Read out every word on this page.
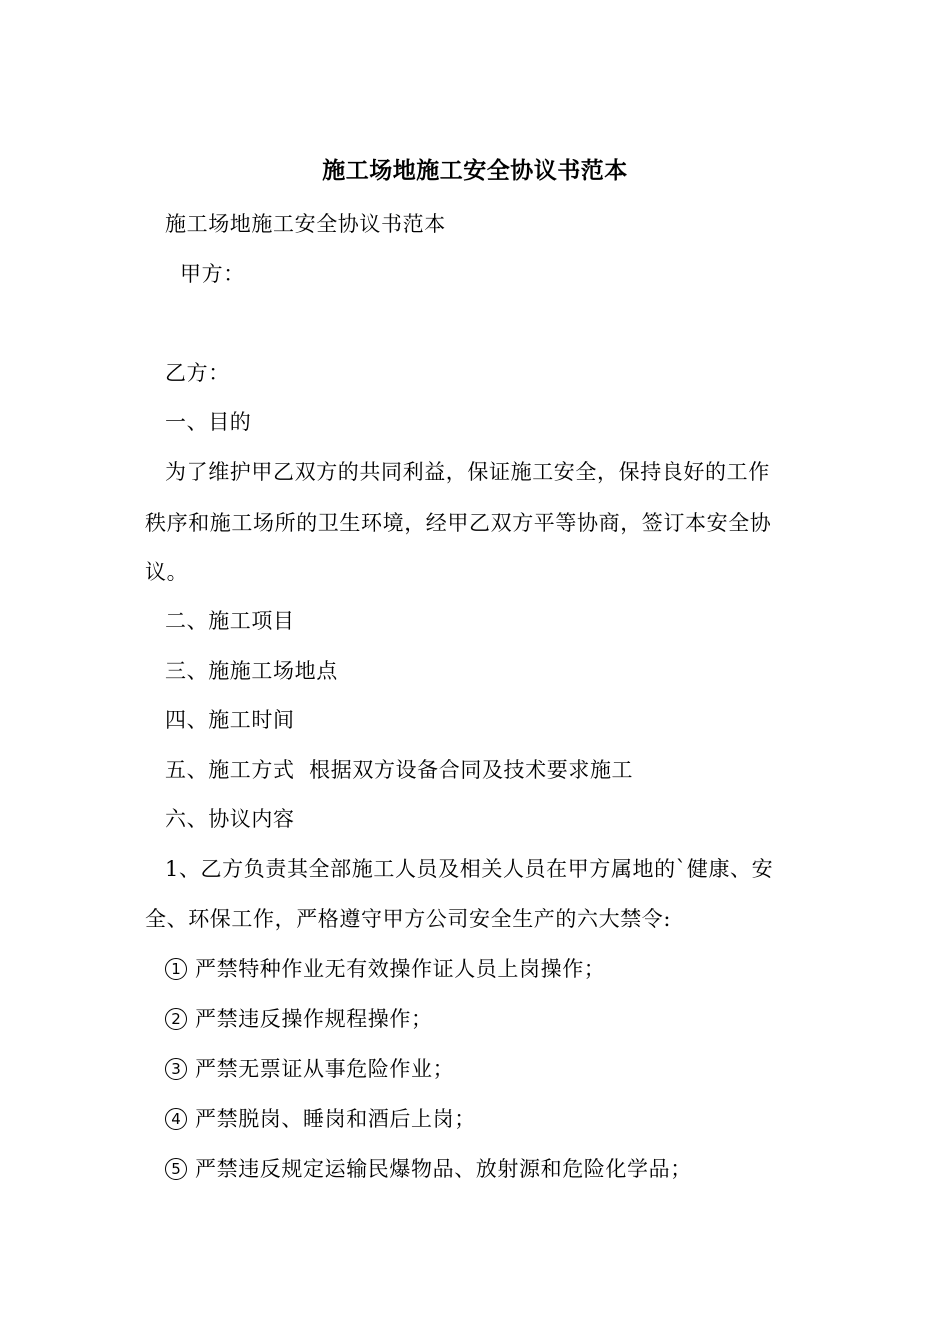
施工场地施工安全协议书范本
施工场地施工安全协议书范本
甲方：
乙方：
一、目的
为了维护甲乙双方的共同利益，保证施工安全，保持良好的工作
秩序和施工场所的卫生环境，经甲乙双方平等协商，签订本安全协
议。
二、施工项目
三、施施工场地点
四、施工时间
五、施工方式  根据双方设备合同及技术要求施工
六、协议内容
1、乙方负责其全部施工人员及相关人员在甲方属地的`健康、安
全、环保工作，严格遵守甲方公司安全生产的六大禁令:
1 严禁特种作业无有效操作证人员上岗操作；
2 严禁违反操作规程操作；
3 严禁无票证从事危险作业；
4 严禁脱岗、睡岗和酒后上岗；
5 严禁违反规定运输民爆物品、放射源和危险化学品；
